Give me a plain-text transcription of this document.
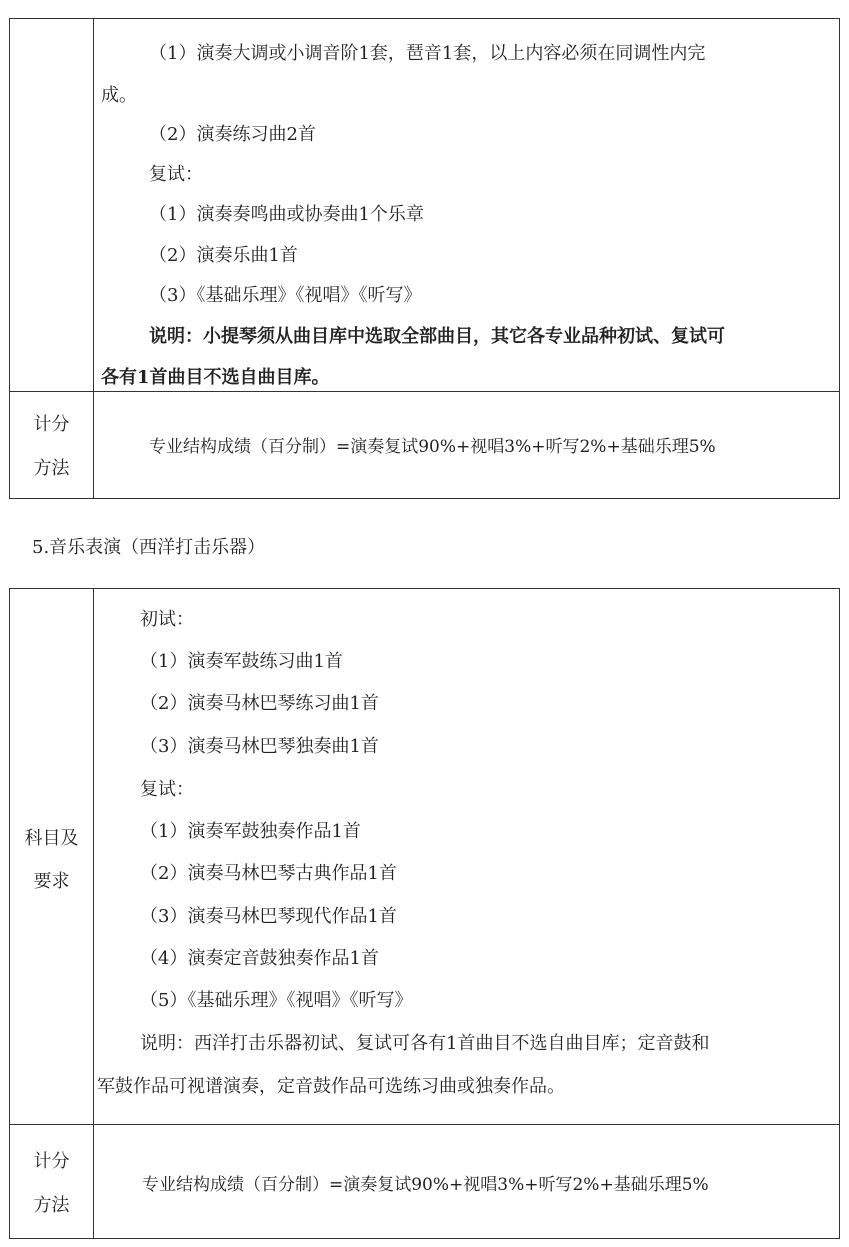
（1）演奏大调或小调音阶1套，琶音1套，以上内容必须在同调性内完
成。
（2）演奏练习曲2首
复试：
（1）演奏奏鸣曲或协奏曲1个乐章
（2）演奏乐曲1首
（3）《基础乐理》《视唱》《听写》
说明：小提琴须从曲目库中选取全部曲目，其它各专业品种初试、复试可
各有1首曲目不选自曲目库。
计分
方法
专业结构成绩（百分制）=演奏复试90%+视唱3%+听写2%+基础乐理5%
5.音乐表演（西洋打击乐器）
科目及
要求
初试：
（1）演奏军鼓练习曲1首
（2）演奏马林巴琴练习曲1首
（3）演奏马林巴琴独奏曲1首
复试：
（1）演奏军鼓独奏作品1首
（2）演奏马林巴琴古典作品1首
（3）演奏马林巴琴现代作品1首
（4）演奏定音鼓独奏作品1首
（5）《基础乐理》《视唱》《听写》
说明：西洋打击乐器初试、复试可各有1首曲目不选自曲目库；定音鼓和
军鼓作品可视谱演奏，定音鼓作品可选练习曲或独奏作品。
计分
方法
专业结构成绩（百分制）=演奏复试90%+视唱3%+听写2%+基础乐理5%
